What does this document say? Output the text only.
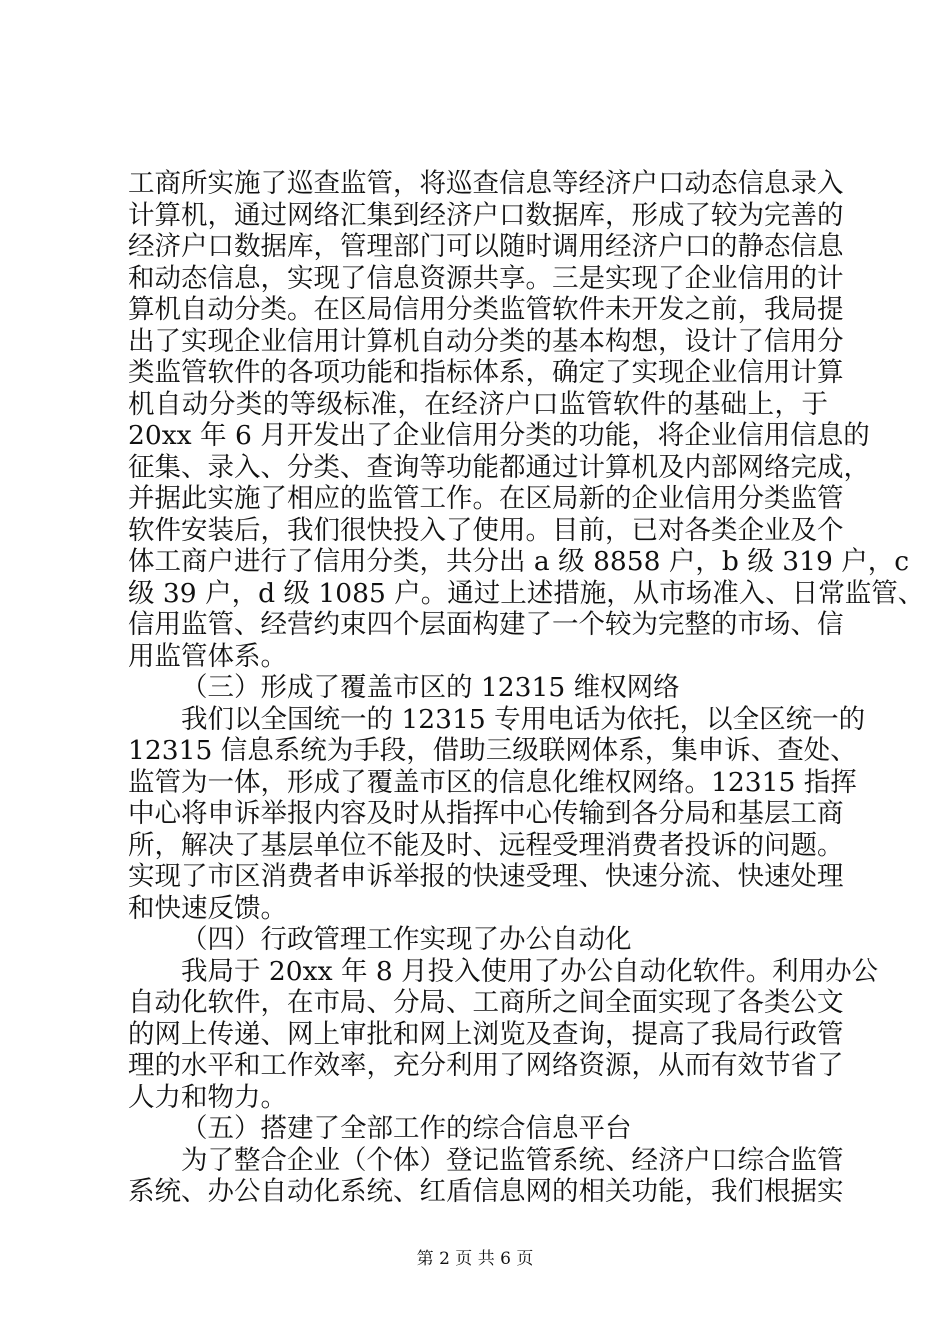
工商所实施了巡查监管，将巡查信息等经济户口动态信息录入
计算机，通过网络汇集到经济户口数据库，形成了较为完善的
经济户口数据库，管理部门可以随时调用经济户口的静态信息
和动态信息，实现了信息资源共享。三是实现了企业信用的计
算机自动分类。在区局信用分类监管软件未开发之前，我局提
出了实现企业信用计算机自动分类的基本构想，设计了信用分
类监管软件的各项功能和指标体系，确定了实现企业信用计算
机自动分类的等级标准，在经济户口监管软件的基础上，于
20xx 年 6 月开发出了企业信用分类的功能，将企业信用信息的
征集、录入、分类、查询等功能都通过计算机及内部网络完成，
并据此实施了相应的监管工作。在区局新的企业信用分类监管
软件安装后，我们很快投入了使用。目前，已对各类企业及个
体工商户进行了信用分类，共分出 a 级 8858 户，b 级 319 户，c
级 39 户，d 级 1085 户。通过上述措施，从市场准入、日常监管、
信用监管、经营约束四个层面构建了一个较为完整的市场、信
用监管体系。
（三）形成了覆盖市区的 12315 维权网络
我们以全国统一的 12315 专用电话为依托，以全区统一的
12315 信息系统为手段，借助三级联网体系，集申诉、查处、
监管为一体，形成了覆盖市区的信息化维权网络。12315 指挥
中心将申诉举报内容及时从指挥中心传输到各分局和基层工商
所，解决了基层单位不能及时、远程受理消费者投诉的问题。
实现了市区消费者申诉举报的快速受理、快速分流、快速处理
和快速反馈。
（四）行政管理工作实现了办公自动化
我局于 20xx 年 8 月投入使用了办公自动化软件。利用办公
自动化软件，在市局、分局、工商所之间全面实现了各类公文
的网上传递、网上审批和网上浏览及查询，提高了我局行政管
理的水平和工作效率，充分利用了网络资源，从而有效节省了
人力和物力。
（五）搭建了全部工作的综合信息平台
为了整合企业（个体）登记监管系统、经济户口综合监管
系统、办公自动化系统、红盾信息网的相关功能，我们根据实
第 2 页 共 6 页
